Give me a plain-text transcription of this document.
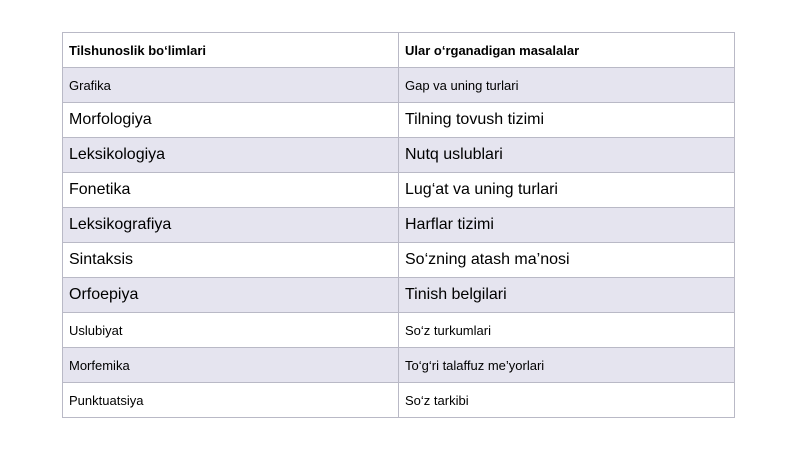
Tilshunoslik bo‘limlari	Ular o‘rganadigan masalalar
Grafika	Gap va uning turlari
Morfologiya	Tilning tovush tizimi
Leksikologiya	Nutq uslublari
Fonetika	Lug‘at va uning turlari
Leksikografiya	Harflar tizimi
Sintaksis	So‘zning atash ma’nosi
Orfoepiya	Tinish belgilari
Uslubiyat	So‘z turkumlari
Morfemika	To‘g‘ri talaffuz me’yorlari
Punktuatsiya	So‘z tarkibi
